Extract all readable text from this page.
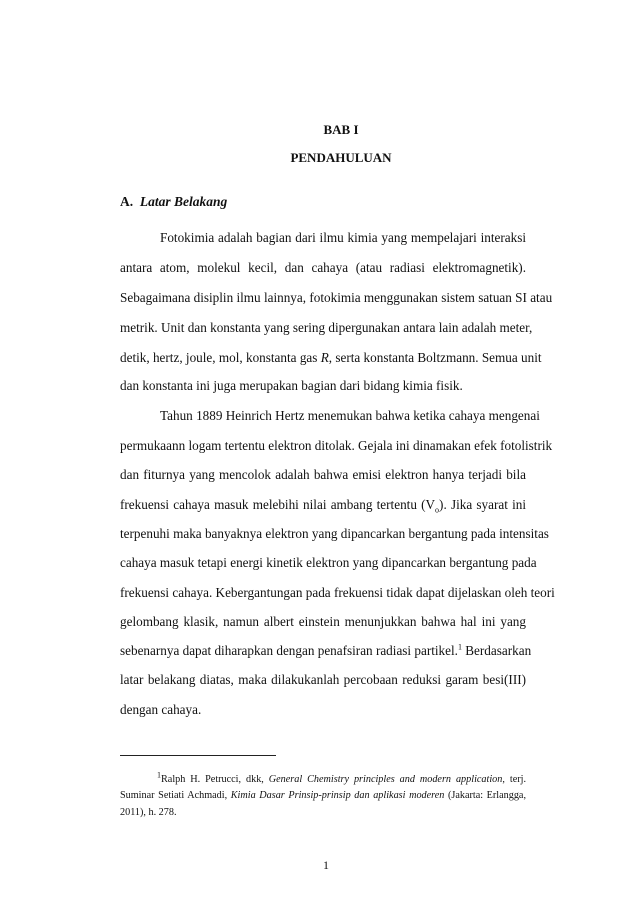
BAB I
PENDAHULUAN
A. Latar Belakang
Fotokimia adalah bagian dari ilmu kimia yang mempelajari interaksi
antara atom, molekul kecil, dan cahaya (atau radiasi elektromagnetik).
Sebagaimana disiplin ilmu lainnya, fotokimia menggunakan sistem satuan SI atau
metrik. Unit dan konstanta yang sering dipergunakan antara lain adalah meter,
detik, hertz, joule, mol, konstanta gas R, serta konstanta Boltzmann. Semua unit
dan konstanta ini juga merupakan bagian dari bidang kimia fisik.
Tahun 1889 Heinrich Hertz menemukan bahwa ketika cahaya mengenai
permukaann logam tertentu elektron ditolak. Gejala ini dinamakan efek fotolistrik
dan fiturnya yang mencolok adalah bahwa emisi elektron hanya terjadi bila
frekuensi cahaya masuk melebihi nilai ambang tertentu $(V_o)$. Jika syarat ini
terpenuhi maka banyaknya elektron yang dipancarkan bergantung pada intensitas
cahaya masuk tetapi energi kinetik elektron yang dipancarkan bergantung pada
frekuensi cahaya. Kebergantungan pada frekuensi tidak dapat dijelaskan oleh teori
gelombang klasik, namun albert einstein menunjukkan bahwa hal ini yang
sebenarnya dapat diharapkan dengan penafsiran radiasi partikel.$^1$ Berdasarkan
latar belakang diatas, maka dilakukanlah percobaan reduksi garam besi(III)
dengan cahaya.
$^1$Ralph H. Petrucci, dkk, General Chemistry principles and modern application, terj.
Suminar Setiati Achmadi, Kimia Dasar Prinsip-prinsip dan aplikasi moderen (Jakarta: Erlangga,
2011), h. 278.
1
